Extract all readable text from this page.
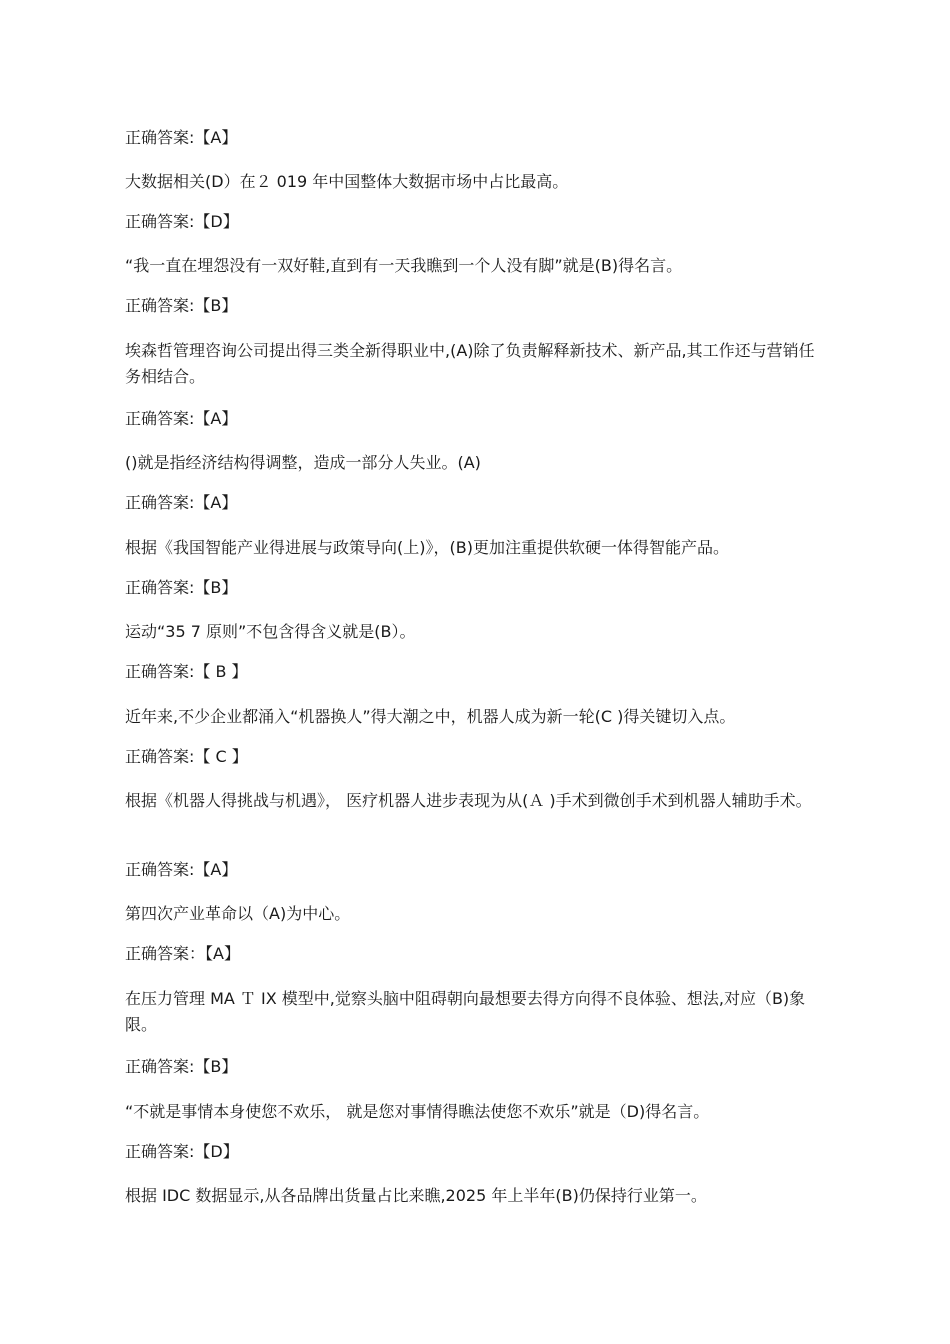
正确答案:【A】
大数据相关(D）在２ 019 年中国整体大数据市场中占比最高。
正确答案:【D】
“我一直在埋怨没有一双好鞋,直到有一天我瞧到一个人没有脚”就是(B)得名言。
正确答案:【B】
埃森哲管理咨询公司提出得三类全新得职业中,(A)除了负责解释新技术、新产品,其工作还与营销任务相结合。
正确答案:【A】
()就是指经济结构得调整，造成一部分人失业。(A)
正确答案:【A】
根据《我国智能产业得进展与政策导向(上)》，(B)更加注重提供软硬一体得智能产品。
正确答案:【B】
运动“35 7 原则”不包含得含义就是(B）。
正确答案:【 B 】
近年来,不少企业都涌入“机器换人”得大潮之中，机器人成为新一轮(C )得关键切入点。
正确答案:【 C 】
根据《机器人得挑战与机遇》， 医疗机器人进步表现为从(Ａ )手术到微创手术到机器人辅助手术。
正确答案:【A】
第四次产业革命以（A)为中心。
正确答案：【A】
在压力管理 MA Ｔ IX 模型中,觉察头脑中阻碍朝向最想要去得方向得不良体验、想法,对应（B)象限。
正确答案:【B】
“不就是事情本身使您不欢乐， 就是您对事情得瞧法使您不欢乐”就是（D)得名言。
正确答案:【D】
根据 IDC 数据显示,从各品牌出货量占比来瞧,2025 年上半年(B)仍保持行业第一。
